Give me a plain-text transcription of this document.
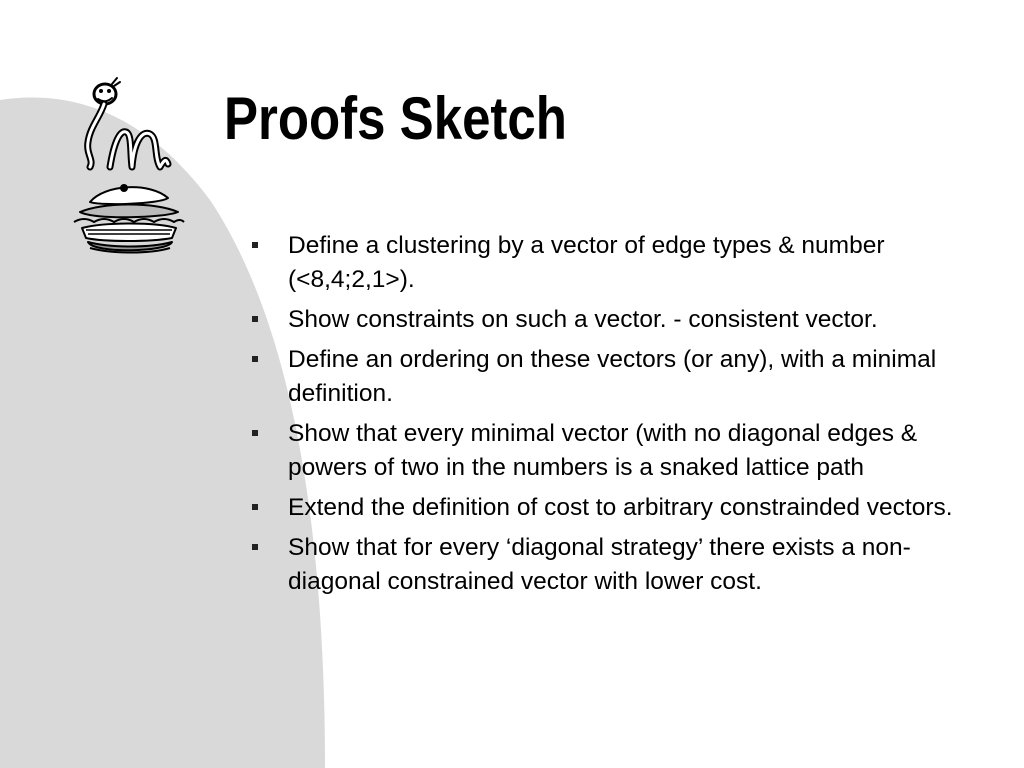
Proofs Sketch
Define a clustering by a vector of edge types & number (<8,4;2,1>).
Show constraints on such a vector. - consistent vector.
Define an ordering on these vectors (or any), with a minimal definition.
Show that every minimal vector (with no diagonal edges & powers of two in the numbers is a snaked lattice path
Extend the definition of cost to arbitrary constrainded vectors.
Show that for every ‘diagonal strategy’ there exists a non-diagonal constrained vector with lower cost.
